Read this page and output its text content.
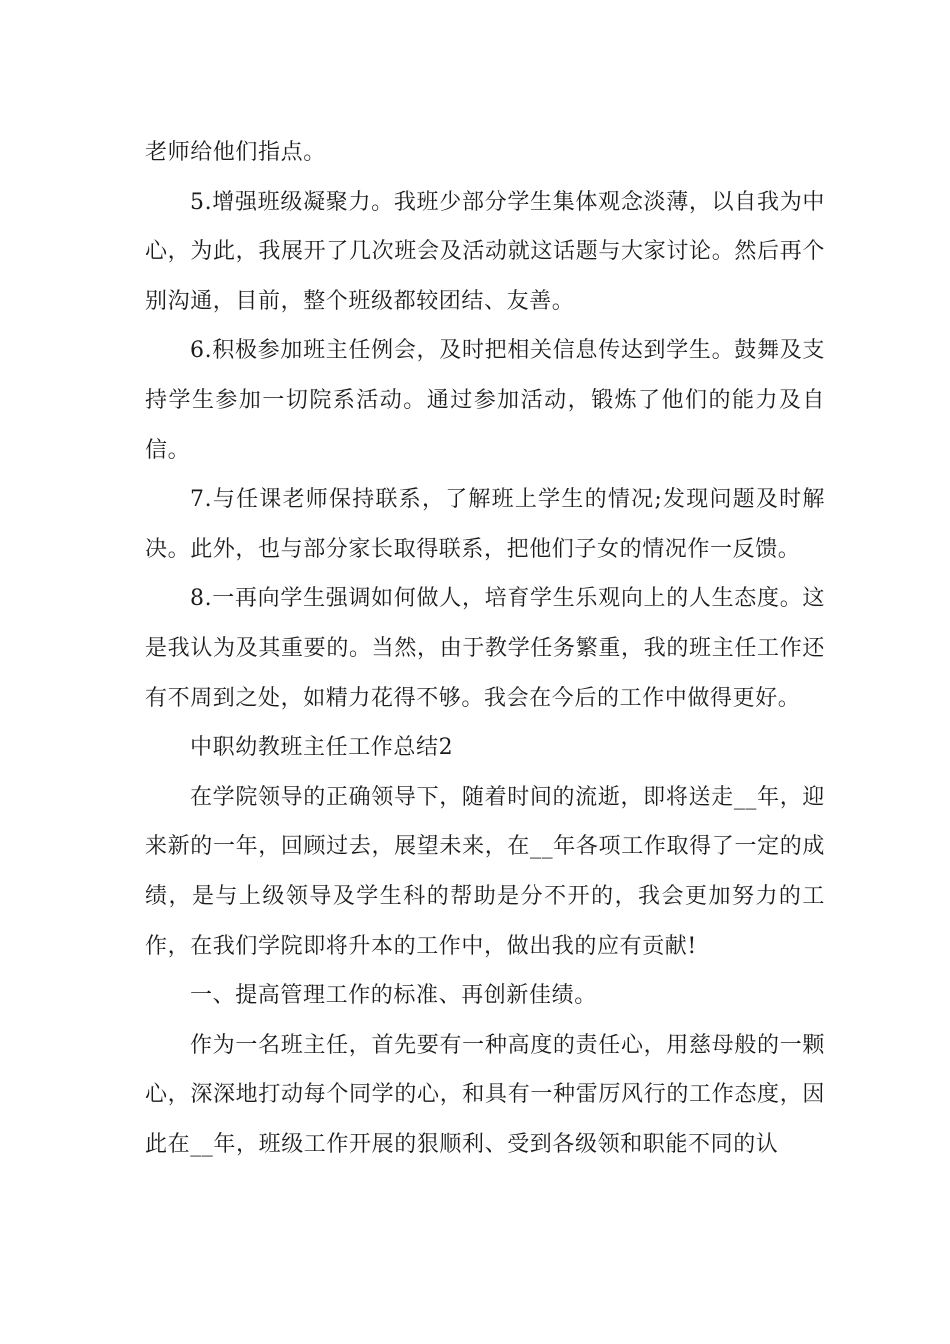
老师给他们指点。

5.增强班级凝聚力。我班少部分学生集体观念淡薄，以自我为中心，为此，我展开了几次班会及活动就这话题与大家讨论。然后再个别沟通，目前，整个班级都较团结、友善。

6.积极参加班主任例会，及时把相关信息传达到学生。鼓舞及支持学生参加一切院系活动。通过参加活动，锻炼了他们的能力及自信。

7.与任课老师保持联系，了解班上学生的情况;发现问题及时解决。此外，也与部分家长取得联系，把他们子女的情况作一反馈。

8.一再向学生强调如何做人，培育学生乐观向上的人生态度。这是我认为及其重要的。当然，由于教学任务繁重，我的班主任工作还有不周到之处，如精力花得不够。我会在今后的工作中做得更好。

中职幼教班主任工作总结2

在学院领导的正确领导下，随着时间的流逝，即将送走__年，迎来新的一年，回顾过去，展望未来，在__年各项工作取得了一定的成绩，是与上级领导及学生科的帮助是分不开的，我会更加努力的工作，在我们学院即将升本的工作中，做出我的应有贡献!

一、提高管理工作的标准、再创新佳绩。

作为一名班主任，首先要有一种高度的责任心，用慈母般的一颗心，深深地打动每个同学的心，和具有一种雷厉风行的工作态度，因此在__年，班级工作开展的狠顺利、受到各级领和职能不同的认
